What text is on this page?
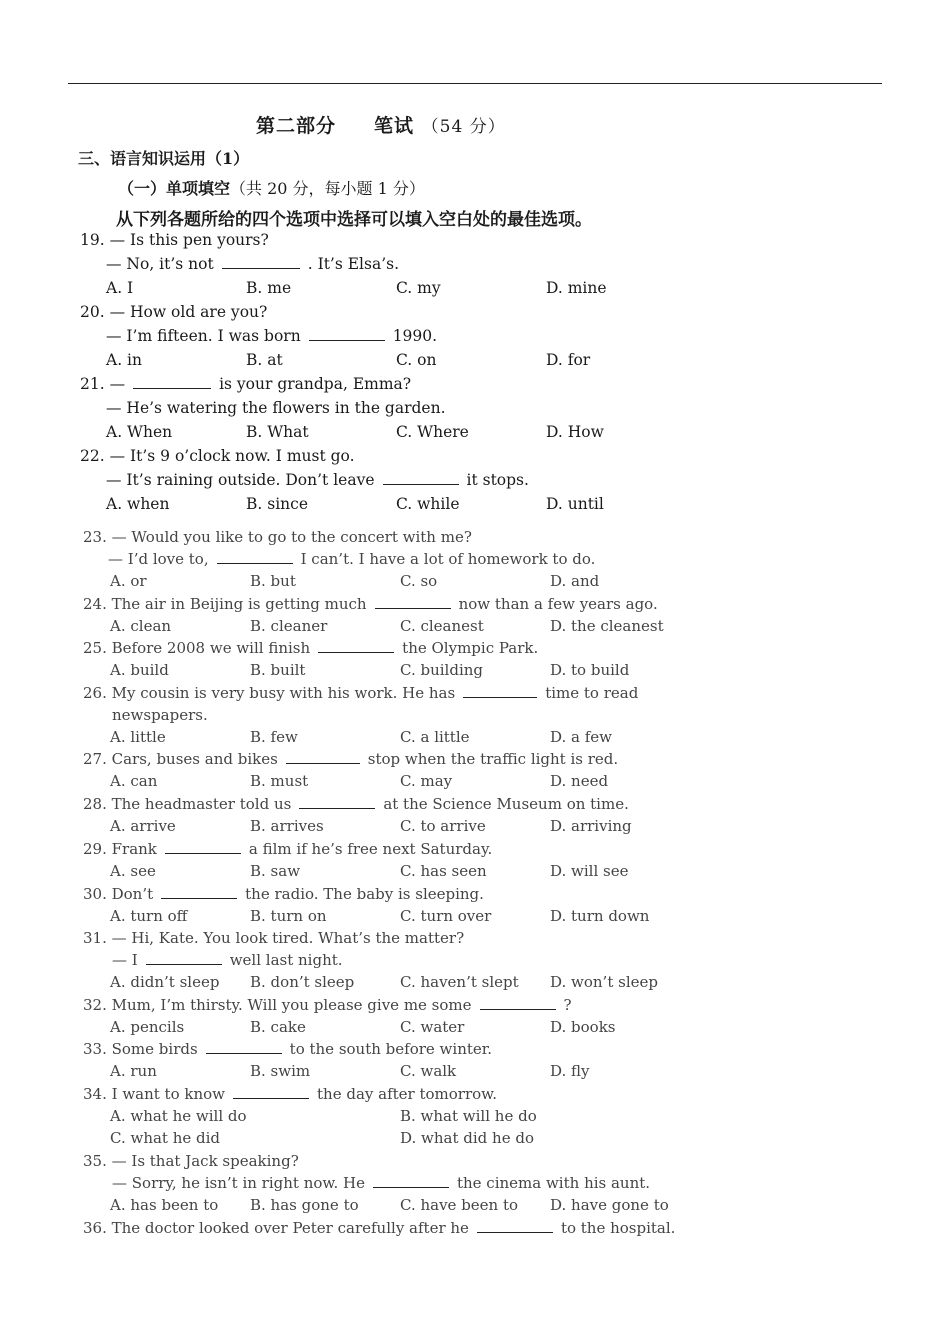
第二部分 笔试 （54 分）
三、语言知识运用（1）
（一）单项填空（共 20 分，每小题 1 分）
从下列各题所给的四个选项中选择可以填入空白处的最佳选项。
19. — Is this pen yours?
— No, it’s not	. It’s Elsa’s.
A. I	B. me	C. my	D. mine
20. — How old are you?
— I’m fifteen. I was born	1990.
A. in	B. at	C. on	D. for
21. —	is your grandpa, Emma?
— He’s watering the flowers in the garden.
A. When	B. What	C. Where	D. How
22. — It’s 9 o’clock now. I must go.
— It’s raining outside. Don’t leave	it stops.
A. when	B. since	C. while	D. until
23. — Would you like to go to the concert with me?
— I’d love to,	I can’t. I have a lot of homework to do.
A. or	B. but	C. so	D. and
24. The air in Beijing is getting much	now than a few years ago.
A. clean	B. cleaner	C. cleanest	D. the cleanest
25. Before 2008 we will finish	the Olympic Park.
A. build	B. built	C. building	D. to build
26. My cousin is very busy with his work. He has	time to read
newspapers.
A. little	B. few	C. a little	D. a few
27. Cars, buses and bikes	stop when the traffic light is red.
A. can	B. must	C. may	D. need
28. The headmaster told us	at the Science Museum on time.
A. arrive	B. arrives	C. to arrive	D. arriving
29. Frank	a film if he’s free next Saturday.
A. see	B. saw	C. has seen	D. will see
30. Don’t	the radio. The baby is sleeping.
A. turn off	B. turn on	C. turn over	D. turn down
31. — Hi, Kate. You look tired. What’s the matter?
— I	well last night.
A. didn’t sleep B. don’t sleep	C. haven’t slept D. won’t sleep
32. Mum, I’m thirsty. Will you please give me some	?
A. pencils	B. cake	C. water	D. books
33. Some birds	to the south before winter.
A. run	B. swim	C. walk	D. fly
34. I want to know	the day after tomorrow.
A. what he will do	B. what will he do
C. what he did	D. what did he do
35. — Is that Jack speaking?
— Sorry, he isn’t in right now. He	the cinema with his aunt.
A. has been to B. has gone to	C. have been to D. have gone to
36. The doctor looked over Peter carefully after he	to the hospital.
